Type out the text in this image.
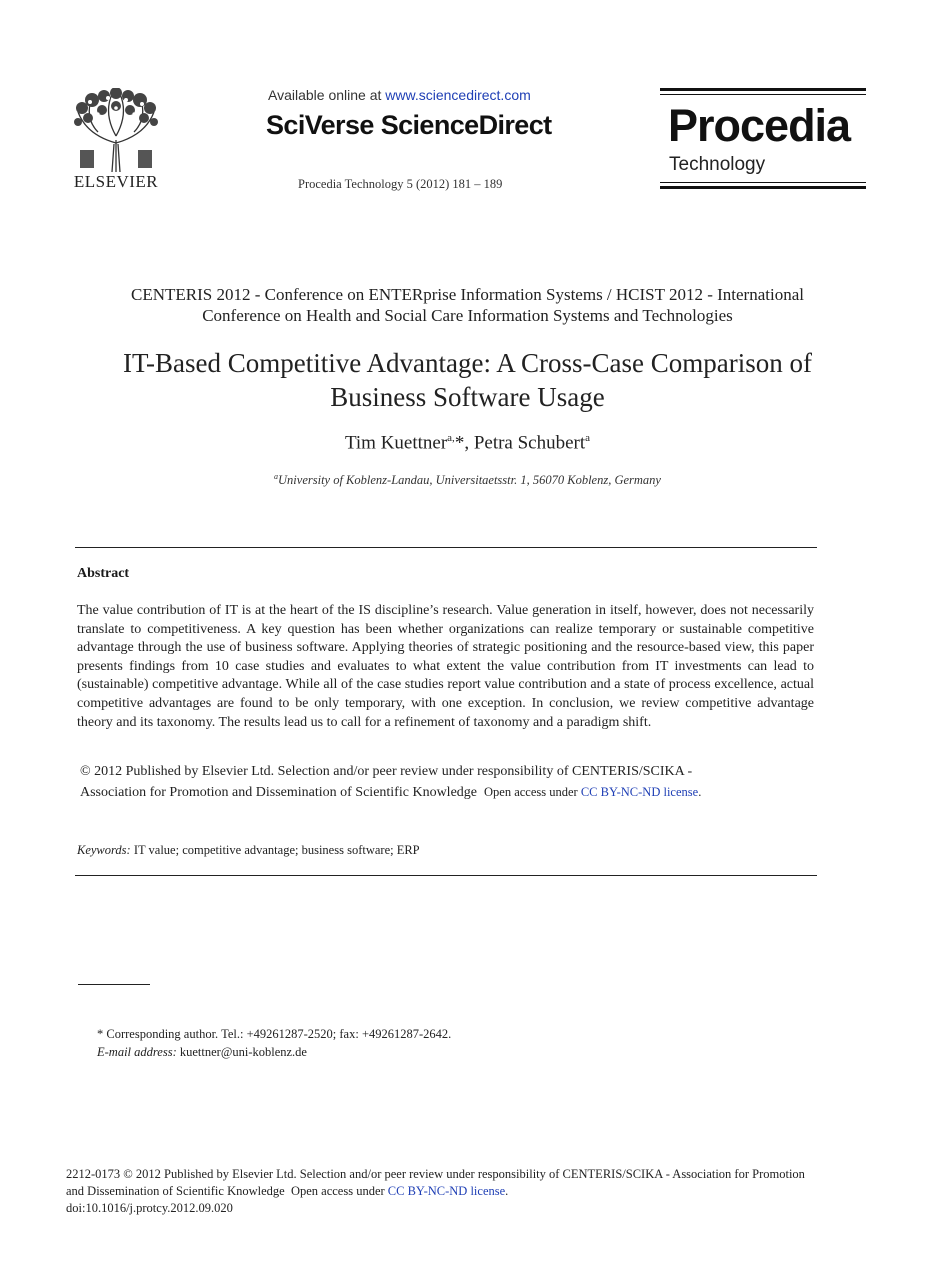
ELSEVIER
Available online at www.sciencedirect.com
SciVerse ScienceDirect
Procedia Technology 5 (2012) 181 – 189
Procedia
Technology
CENTERIS 2012 - Conference on ENTERprise Information Systems / HCIST 2012 - International
Conference on Health and Social Care Information Systems and Technologies
IT-Based Competitive Advantage: A Cross-Case Comparison of
Business Software Usage
Tim Kuettner$^{a,}$*, Petra Schubert$^a$
$^a$University of Koblenz-Landau, Universitaetsstr. 1, 56070 Koblenz, Germany
Abstract
The value contribution of IT is at the heart of the IS discipline’s research. Value generation in itself, however, does not necessarily translate to competitiveness. A key question has been whether organizations can realize temporary or sustainable competitive advantage through the use of business software. Applying theories of strategic positioning and the resource-based view, this paper presents findings from 10 case studies and evaluates to what extent the value contribution from IT investments can lead to (sustainable) competitive advantage. While all of the case studies report value contribution and a state of process excellence, actual competitive advantages are found to be only temporary, with one exception. In conclusion, we review competitive advantage theory and its taxonomy. The results lead us to call for a refinement of taxonomy and a paradigm shift.
© 2012 Published by Elsevier Ltd. Selection and/or peer review under responsibility of CENTERIS/SCIKA -
Association for Promotion and Dissemination of Scientific Knowledge Open access under CC BY-NC-ND license.
Keywords: IT value; competitive advantage; business software; ERP
* Corresponding author. Tel.: +49261287-2520; fax: +49261287-2642.
E-mail address: kuettner@uni-koblenz.de
2212-0173 © 2012 Published by Elsevier Ltd. Selection and/or peer review under responsibility of CENTERIS/SCIKA - Association for Promotion
and Dissemination of Scientific Knowledge Open access under CC BY-NC-ND license.
doi:10.1016/j.protcy.2012.09.020
